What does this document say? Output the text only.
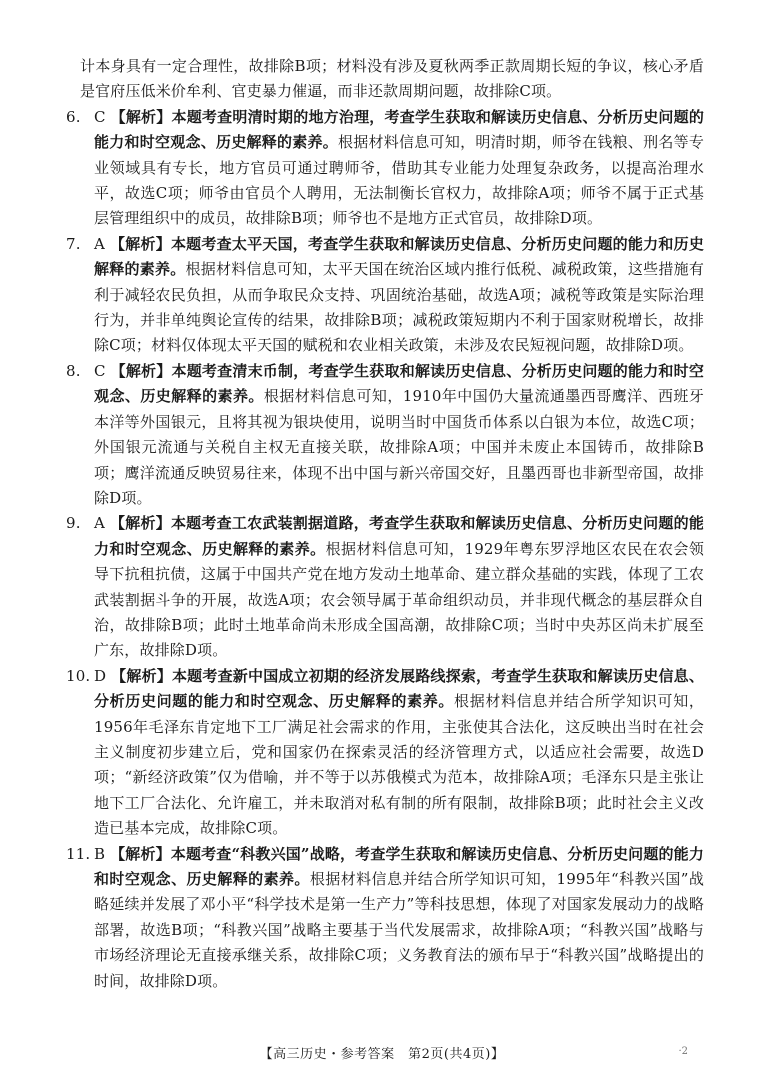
计本身具有一定合理性，故排除B项；材料没有涉及夏秋两季正款周期长短的争议，核心矛盾是官府压低米价牟利、官吏暴力催逼，而非还款周期问题，故排除C项。
6. C 【解析】本题考查明清时期的地方治理，考查学生获取和解读历史信息、分析历史问题的能力和时空观念、历史解释的素养。根据材料信息可知，明清时期，师爷在钱粮、刑名等专业领域具有专长，地方官员可通过聘师爷，借助其专业能力处理复杂政务，以提高治理水平，故选C项；师爷由官员个人聘用，无法制衡长官权力，故排除A项；师爷不属于正式基层管理组织中的成员，故排除B项；师爷也不是地方正式官员，故排除D项。
7. A 【解析】本题考查太平天国，考查学生获取和解读历史信息、分析历史问题的能力和历史解释的素养。根据材料信息可知，太平天国在统治区域内推行低税、减税政策，这些措施有利于减轻农民负担，从而争取民众支持、巩固统治基础，故选A项；减税等政策是实际治理行为，并非单纯舆论宣传的结果，故排除B项；减税政策短期内不利于国家财税增长，故排除C项；材料仅体现太平天国的赋税和农业相关政策，未涉及农民短视问题，故排除D项。
8. C 【解析】本题考查清末币制，考查学生获取和解读历史信息、分析历史问题的能力和时空观念、历史解释的素养。根据材料信息可知，1910年中国仍大量流通墨西哥鹰洋、西班牙本洋等外国银元，且将其视为银块使用，说明当时中国货币体系以白银为本位，故选C项；外国银元流通与关税自主权无直接关联，故排除A项；中国并未废止本国铸币，故排除B项；鹰洋流通反映贸易往来，体现不出中国与新兴帝国交好，且墨西哥也非新型帝国，故排除D项。
9. A 【解析】本题考查工农武装割据道路，考查学生获取和解读历史信息、分析历史问题的能力和时空观念、历史解释的素养。根据材料信息可知，1929年粤东罗浮地区农民在农会领导下抗租抗债，这属于中国共产党在地方发动土地革命、建立群众基础的实践，体现了工农武装割据斗争的开展，故选A项；农会领导属于革命组织动员，并非现代概念的基层群众自治，故排除B项；此时土地革命尚未形成全国高潮，故排除C项；当时中央苏区尚未扩展至广东，故排除D项。
10. D 【解析】本题考查新中国成立初期的经济发展路线探索，考查学生获取和解读历史信息、分析历史问题的能力和时空观念、历史解释的素养。根据材料信息并结合所学知识可知，1956年毛泽东肯定地下工厂满足社会需求的作用，主张使其合法化，这反映出当时在社会主义制度初步建立后，党和国家仍在探索灵活的经济管理方式，以适应社会需要，故选D项；“新经济政策”仅为借喻，并不等于以苏俄模式为范本，故排除A项；毛泽东只是主张让地下工厂合法化、允许雇工，并未取消对私有制的所有限制，故排除B项；此时社会主义改造已基本完成，故排除C项。
11. B 【解析】本题考查“科教兴国”战略，考查学生获取和解读历史信息、分析历史问题的能力和时空观念、历史解释的素养。根据材料信息并结合所学知识可知，1995年“科教兴国”战略延续并发展了邓小平“科学技术是第一生产力”等科技思想，体现了对国家发展动力的战略部署，故选B项；“科教兴国”战略主要基于当代发展需求，故排除A项；“科教兴国”战略与市场经济理论无直接承继关系，故排除C项；义务教育法的颁布早于“科教兴国”战略提出的时间，故排除D项。
【高三历史・参考答案　第2页(共4页)】	·2
